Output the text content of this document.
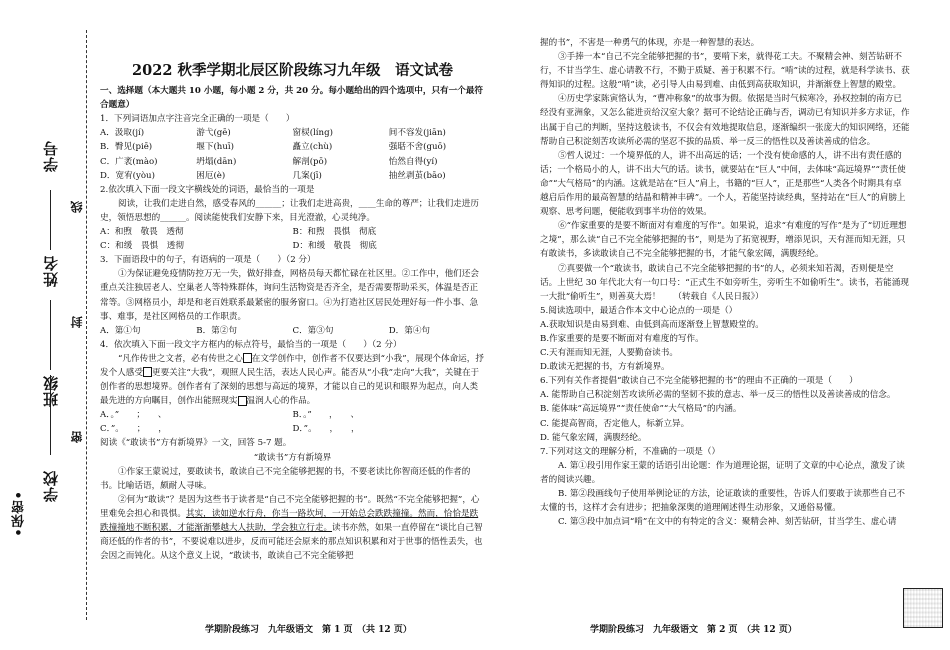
•保密•
学校
班级
姓名
学号
密
封
线
2022 秋季学期北辰区阶段练习九年级　语文试卷
一、选择题（本大题共 10 小题，每小题 2 分，共 20 分。每小题给出的四个选项中，只有一个最符合题意）
1．下列词语加点字注音完全正确的一项是（　　）
A．汲取(jí)	游弋(gē)	窗棂(líng)	间不容发(jiān)
B．臀见(piē)	堰下(huī)	矗立(chù)	强聒不舍(guō)
C．广袤(mào)	坍塌(dān)	解剖(pō)	怡然自得(yí)
D．宽宥(yòu)	困厄(è)	几案(jī)	抽丝剥茧(bāo)
2.依次填入下面一段文字横线处的词语，最恰当的一项是
阅读，让我们走进自然，感受春风的______；让我们走进高贵，____生命的尊严；让我们走进历史，领悟思想的______。阅读能使我们安静下来，目光澄澈，心灵纯净。
A：和煦　敬畏　透彻	B：和煦　畏惧　彻底
C：和缓　畏惧　透彻	D：和缓　敬畏　彻底
3．下面语段中的句子，有语病的一项是（　　）（2 分）
①为保证避免疫情防控万无一失，做好排查，网格员每天都忙碌在社区里。②工作中，他们还会重点关注独居老人、空巢老人等特殊群体，询问生活物资是否齐全，是否需要帮助采买，体温是否正常等。③网格员小，却是和老百姓联系最紧密的服务窗口。④为打造社区居民处理好每一件小事、急事、难事，是社区网格员的工作职责。
A．第①句	B．第②句	C．第③句	D．第④句
4．依次填入下面一段文字方框内的标点符号，最恰当的一项是（　　）（2 分）
“凡作传世之文者，必有传世之心 在文学创作中，创作者不仅要达到“小我”，展现个体命运，抒发个人感受 更要关注“大我”，观照人民生活，表达人民心声。能否从“小我”走向“大我”，关键在于创作者的思想境界。创作者有了深刻的思想与高远的境界，才能以自己的见识和眼界为起点，向人类最先进的方向瞩目，创作出能照现实 温润人心的作品。
A．。”　　；　　、	B．。”　　，　　、
C．”。　　；　　，	D．”。　　，　　，
阅读《“敢读书”方有新境界》一文，回答 5-7 题。
“敢读书”方有新境界
①作家王蒙说过，要敢读书，敢读自己不完全能够把握的书，不要老读比你智商还低的作者的书。比喻话语，颇耐人寻味。
②何为“敢读”？是因为这些书于读者是“自己不完全能够把握的书”。既然“不完全能够把握”，心里难免会担心和畏惧。其实，读如逆水行舟，你当一路坎坷，一开始总会跌跌撞撞。然而，恰恰是跌跌撞撞地不断积累，才能渐渐攀越大人扶助，学会独立行走。读书亦然，如果一直停留在“谈比自己智商还低的作者的书”，不要说难以进步，反而可能还会原来的那点知识积累和对于世事的悟性丢失，也会因之而钝化。从这个意义上说，“敢读书，敢读自己不完全能够把
握的书”，不害是一种勇气的体现，亦是一种智慧的表达。
③手捧一本“自己不完全能够把握的书”，要啃下来，就得花工夫。不聚精会神、刻苦钻研不行，不甘当学生、虚心请教不行，不勤于质疑、善于积累不行。“啃”读的过程，就是科学读书、获得知识的过程。这般“啃”读，必引导人由易到难、由低到高获取知识，并渐渐登上智慧的殿堂。
④历史学家陈寅恪认为，“曹冲称象”的故事为假。依据是当时气候寒冷，孙权控制的南方已经没有亚洲象，又怎么能进贡给汉室大象？据可不论结论正确与否，调动已有知识并多方求证，作出属于自己的判断，坚持这般读书，不仅会有效地提取信息，逐渐编织一张庞大的知识网络，还能帮助自己积淀刻苦攻读所必需的坚忍不拔的品质、举一反三的悟性以及善读善成的信念。
⑤哲人说过：一个境界低的人，讲不出高远的话；一个没有使命感的人，讲不出有责任感的话；一个格局小的人，讲不出大气的话。读书，就要站在“巨人”中间，去体味“高远境界”“责任使命”“大气格局”的内涵。这就是站在“巨人”肩上，书籍的“巨人”，正是那些“人类各个时期具有卓越启后作用的最高智慧的结晶和精神丰碑”。一个人，若能坚持读经典，坚持站在“巨人”的肩膀上观察、思考问题，便能收到事半功倍的效果。
⑥“作家重要的是要不断面对有难度的写作”。如果说，追求“有难度的写作”是为了“切近理想之境”，那么读“自己不完全能够把握的书”，则是为了拓宽视野，增添见识，天有涯而知无涯，只有敢读书，多读敢读自己不完全能够把握的书，才能气象宏阔，满腹经纶。
⑦真要做一个“敢读书，敢读自己不完全能够把握的书”的人，必须来知若渴，否则便是空话。上世纪 30 年代北大有一句口号：“正式生不如旁听生，旁听生不如偷听生”。读书，若能涌现一大批“偷听生”，则善莫大焉！　　（转载自《人民日报》）
5.阅读选项中，最适合作本文中心论点的一项是（）
A.获取知识是由易到难、由低到高而逐渐登上智慧殿堂的。
B.作家重要的是要不断面对有难度的写作。
C.天有涯而知无涯，人要勤奋读书。
D.敢读无把握的书，方有新境界。
6.下列有关作者提倡“敢读自己不完全能够把握的书”的理由不正确的一项是（　　）
A. 能帮助自己积淀刻苦攻读所必需的坚韧不拔的意志、举一反三的悟性以及善读善成的信念。
B. 能体味“高远境界”“责任使命”“大气格局”的内涵。
C. 能提高智商，否定他人，标新立异。
D. 能气象宏阔，满腹经纶。
7.下列对这文的理解分析，不准确的一项是（）
A. 第①段引用作家王蒙的话语引出论题：作为道理论据，证明了文章的中心论点，激发了读者的阅读兴趣。
B. 第②段画线句子使用举例论证的方法，论证敢读的重要性，告诉人们要敢于读那些自己不太懂的书，这样才会有进步；把抽象深奥的道理阐述得生动形象，又通俗易懂。
C. 第③段中加点词“啃”在文中的有特定的含义：聚精会神、刻苦钻研，甘当学生、虚心请
学期阶段练习　九年级语文　第 1 页　（共 12 页）	学期阶段练习　九年级语文　第 2 页　（共 12 页）
